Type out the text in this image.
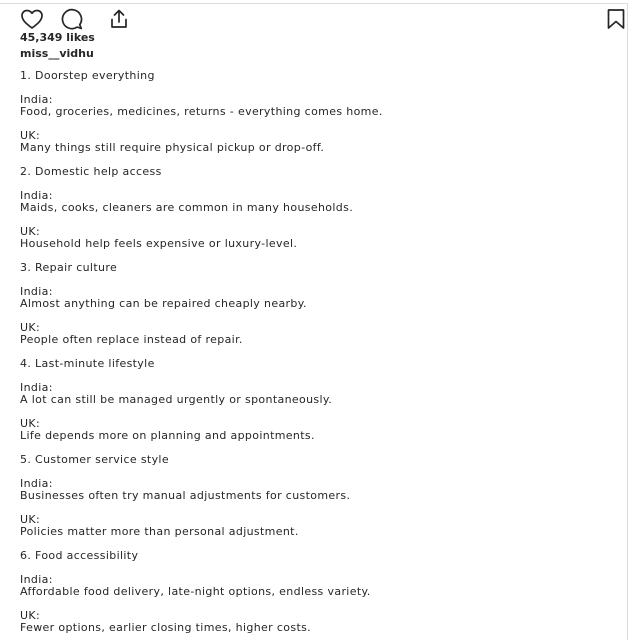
45,349 likes
miss__vidhu
1. Doorstep everything
India:
Food, groceries, medicines, returns - everything comes home.
UK:
Many things still require physical pickup or drop-off.
2. Domestic help access
India:
Maids, cooks, cleaners are common in many households.
UK:
Household help feels expensive or luxury-level.
3. Repair culture
India:
Almost anything can be repaired cheaply nearby.
UK:
People often replace instead of repair.
4. Last-minute lifestyle
India:
A lot can still be managed urgently or spontaneously.
UK:
Life depends more on planning and appointments.
5. Customer service style
India:
Businesses often try manual adjustments for customers.
UK:
Policies matter more than personal adjustment.
6. Food accessibility
India:
Affordable food delivery, late-night options, endless variety.
UK:
Fewer options, earlier closing times, higher costs.
